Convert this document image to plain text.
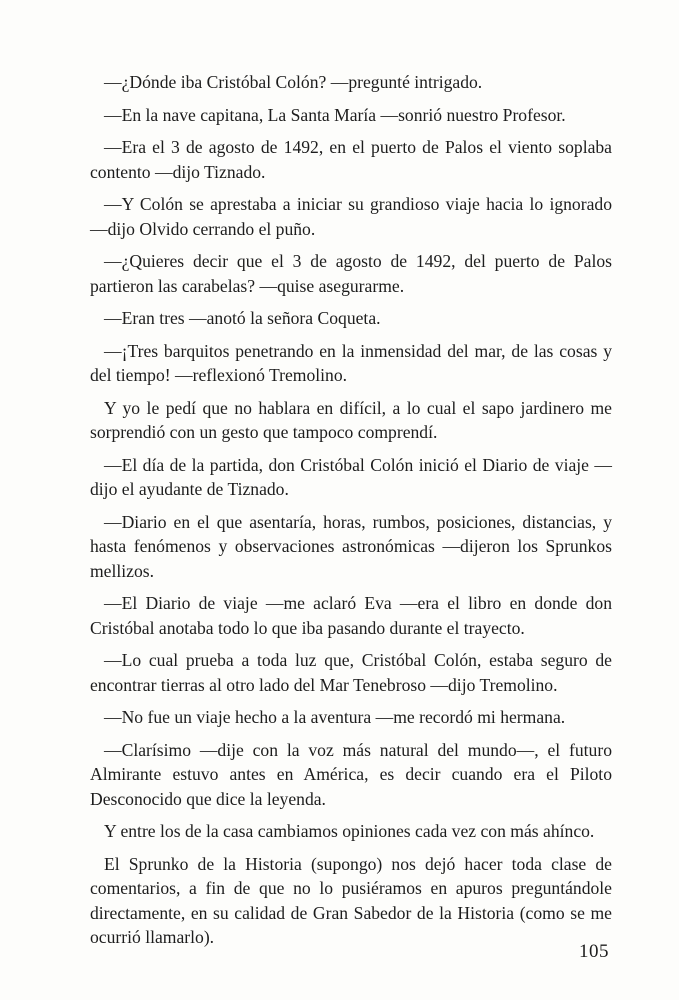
—¿Dónde iba Cristóbal Colón? —pregunté intrigado.

—En la nave capitana, La Santa María —sonrió nuestro Profesor.

—Era el 3 de agosto de 1492, en el puerto de Palos el viento soplaba contento —dijo Tiznado.

—Y Colón se aprestaba a iniciar su grandioso viaje hacia lo ignorado —dijo Olvido cerrando el puño.

—¿Quieres decir que el 3 de agosto de 1492, del puerto de Palos partieron las carabelas? —quise asegurarme.

—Eran tres —anotó la señora Coqueta.

—¡Tres barquitos penetrando en la inmensidad del mar, de las cosas y del tiempo! —reflexionó Tremolino.

Y yo le pedí que no hablara en difícil, a lo cual el sapo jardinero me sorprendió con un gesto que tampoco comprendí.

—El día de la partida, don Cristóbal Colón inició el Diario de viaje —dijo el ayudante de Tiznado.

—Diario en el que asentaría, horas, rumbos, posiciones, distancias, y hasta fenómenos y observaciones astronómicas —dijeron los Sprunkos mellizos.

—El Diario de viaje —me aclaró Eva —era el libro en donde don Cristóbal anotaba todo lo que iba pasando durante el trayecto.

—Lo cual prueba a toda luz que, Cristóbal Colón, estaba seguro de encontrar tierras al otro lado del Mar Tenebroso —dijo Tremolino.

—No fue un viaje hecho a la aventura —me recordó mi hermana.

—Clarísimo —dije con la voz más natural del mundo—, el futuro Almirante estuvo antes en América, es decir cuando era el Piloto Desconocido que dice la leyenda.

Y entre los de la casa cambiamos opiniones cada vez con más ahínco.

El Sprunko de la Historia (supongo) nos dejó hacer toda clase de comentarios, a fin de que no lo pusiéramos en apuros preguntándole directamente, en su calidad de Gran Sabedor de la Historia (como se me ocurrió llamarlo).

105
